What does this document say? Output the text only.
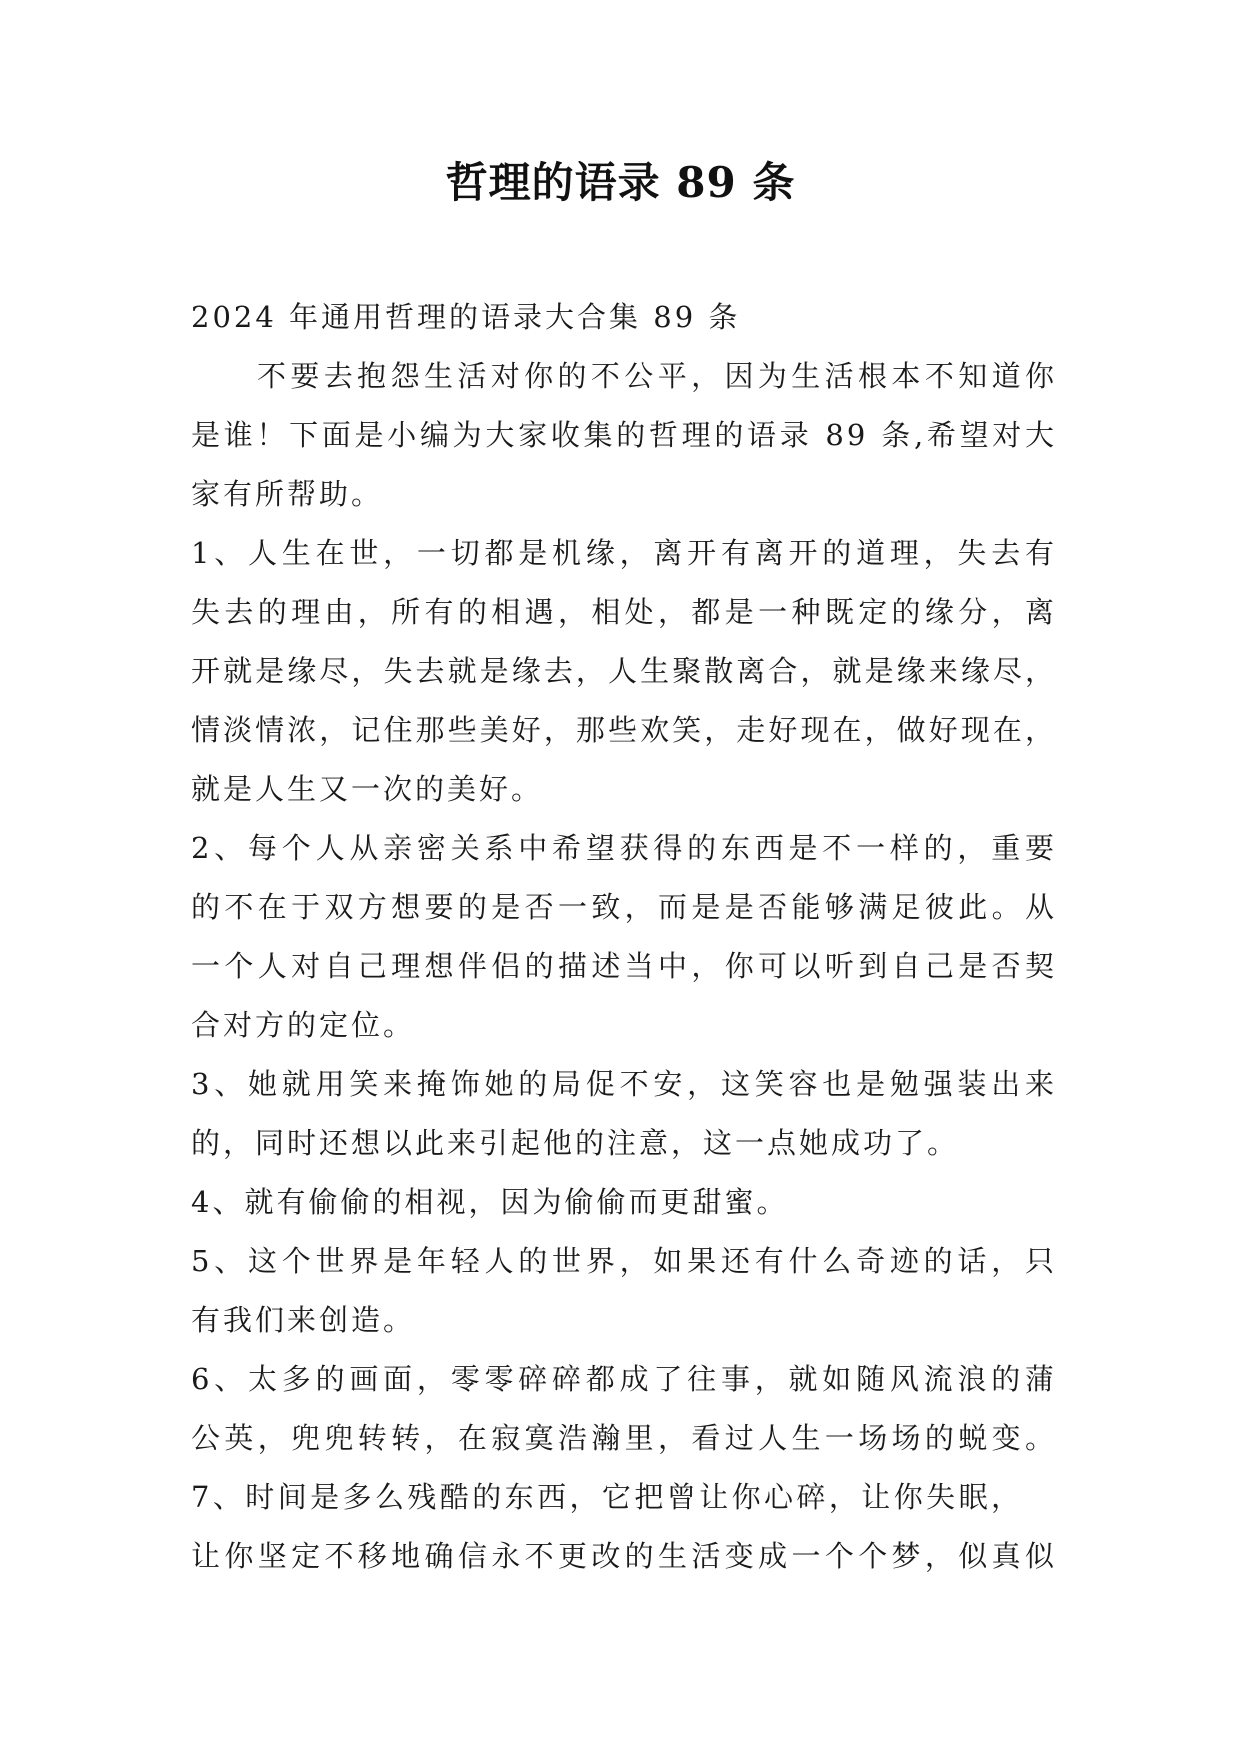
哲理的语录 89 条
2024 年通用哲理的语录大合集 89 条
不要去抱怨生活对你的不公平，因为生活根本不知道你
是谁！下面是小编为大家收集的哲理的语录 89 条,希望对大
家有所帮助。
1、人生在世，一切都是机缘，离开有离开的道理，失去有
失去的理由，所有的相遇，相处，都是一种既定的缘分，离
开就是缘尽，失去就是缘去，人生聚散离合，就是缘来缘尽，
情淡情浓，记住那些美好，那些欢笑，走好现在，做好现在，
就是人生又一次的美好。
2、每个人从亲密关系中希望获得的东西是不一样的，重要
的不在于双方想要的是否一致，而是是否能够满足彼此。从
一个人对自己理想伴侣的描述当中，你可以听到自己是否契
合对方的定位。
3、她就用笑来掩饰她的局促不安，这笑容也是勉强装出来
的，同时还想以此来引起他的注意，这一点她成功了。
4、就有偷偷的相视，因为偷偷而更甜蜜。
5、这个世界是年轻人的世界，如果还有什么奇迹的话，只
有我们来创造。
6、太多的画面，零零碎碎都成了往事，就如随风流浪的蒲
公英，兜兜转转，在寂寞浩瀚里，看过人生一场场的蜕变。
7、时间是多么残酷的东西，它把曾让你心碎，让你失眠，
让你坚定不移地确信永不更改的生活变成一个个梦，似真似
